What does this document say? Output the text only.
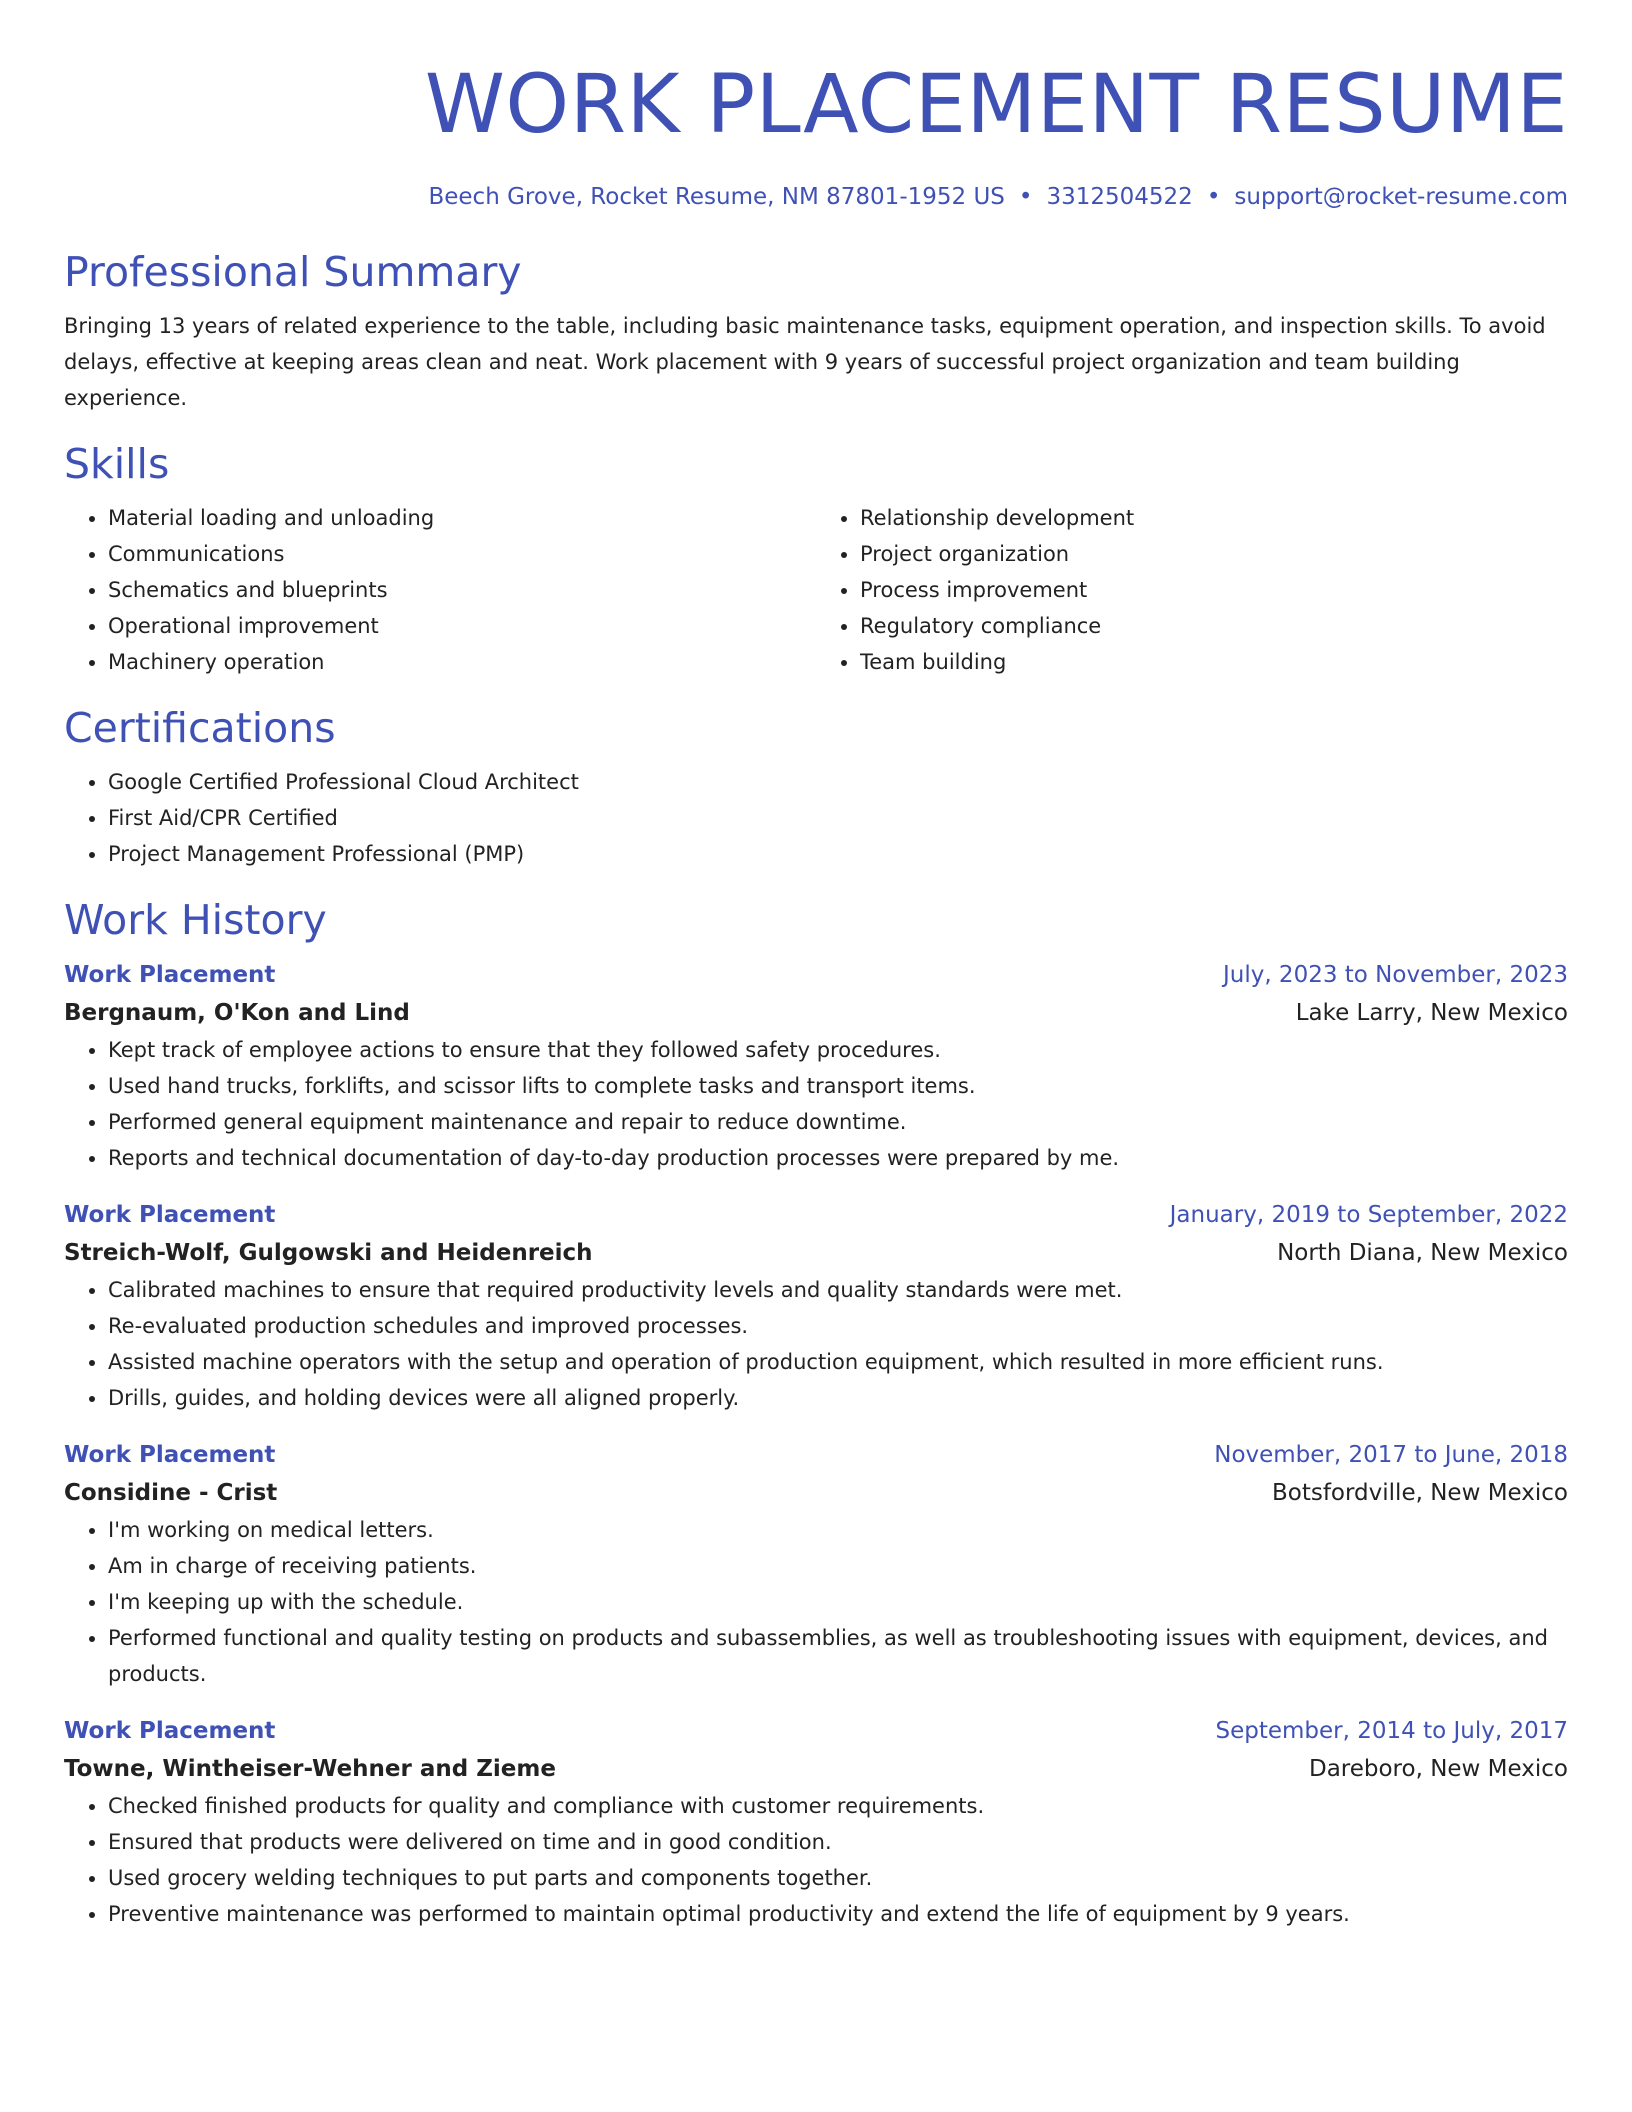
WORK PLACEMENT RESUME
Beech Grove, Rocket Resume, NM 87801-1952 US • 3312504522 • support@rocket-resume.com
Professional Summary

Bringing 13 years of related experience to the table, including basic maintenance tasks, equipment operation, and inspection skills. To avoid delays, effective at keeping areas clean and neat. Work placement with 9 years of successful project organization and team building experience.

Skills
• Material loading and unloading
• Communications
• Schematics and blueprints
• Operational improvement
• Machinery operation
• Relationship development
• Project organization
• Process improvement
• Regulatory compliance
• Team building
Certifications
• Google Certified Professional Cloud Architect
• First Aid/CPR Certified
• Project Management Professional (PMP)
Work History
Work Placement	July, 2023 to November, 2023
Bergnaum, O'Kon and Lind	Lake Larry, New Mexico
• Kept track of employee actions to ensure that they followed safety procedures.
• Used hand trucks, forklifts, and scissor lifts to complete tasks and transport items.
• Performed general equipment maintenance and repair to reduce downtime.
• Reports and technical documentation of day-to-day production processes were prepared by me.
Work Placement	January, 2019 to September, 2022
Streich-Wolf, Gulgowski and Heidenreich	North Diana, New Mexico
• Calibrated machines to ensure that required productivity levels and quality standards were met.
• Re-evaluated production schedules and improved processes.
• Assisted machine operators with the setup and operation of production equipment, which resulted in more efficient runs.
• Drills, guides, and holding devices were all aligned properly.
Work Placement	November, 2017 to June, 2018
Considine - Crist	Botsfordville, New Mexico
• I'm working on medical letters.
• Am in charge of receiving patients.
• I'm keeping up with the schedule.
• Performed functional and quality testing on products and subassemblies, as well as troubleshooting issues with equipment, devices, and products.
Work Placement	September, 2014 to July, 2017
Towne, Wintheiser-Wehner and Zieme	Dareboro, New Mexico
• Checked finished products for quality and compliance with customer requirements.
• Ensured that products were delivered on time and in good condition.
• Used grocery welding techniques to put parts and components together.
• Preventive maintenance was performed to maintain optimal productivity and extend the life of equipment by 9 years.
